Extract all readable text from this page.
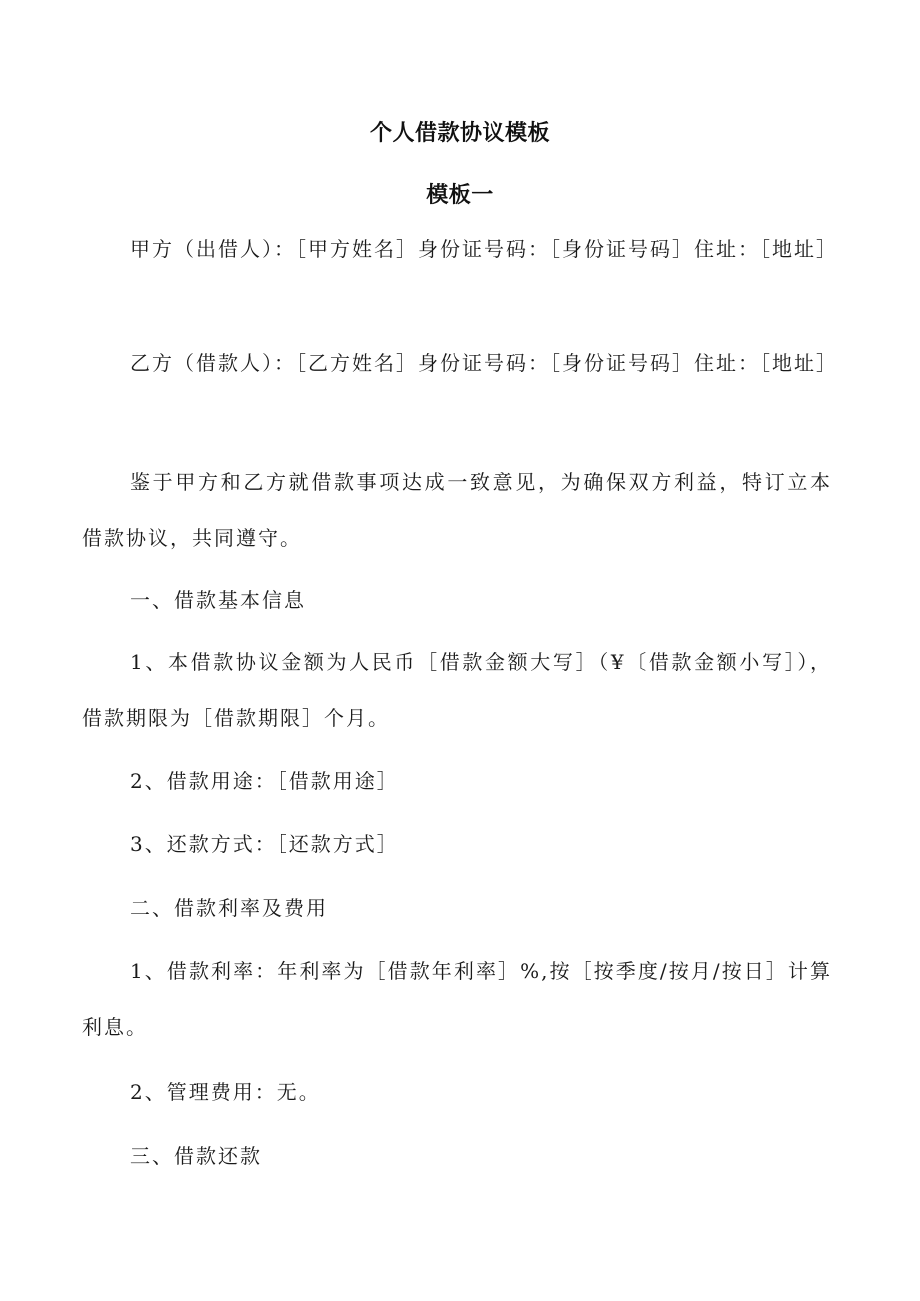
个人借款协议模板
模板一
甲方（出借人）：［甲方姓名］身份证号码：［身份证号码］住址：［地址］
乙方（借款人）：［乙方姓名］身份证号码：［身份证号码］住址：［地址］
鉴于甲方和乙方就借款事项达成一致意见，为确保双方利益，特订立本借款协议，共同遵守。
一、借款基本信息
1、本借款协议金额为人民币［借款金额大写］（¥〔借款金额小写］），借款期限为［借款期限］个月。
2、借款用途：［借款用途］
3、还款方式：［还款方式］
二、借款利率及费用
1、借款利率：年利率为［借款年利率］%,按［按季度/按月/按日］计算利息。
2、管理费用：无。
三、借款还款
